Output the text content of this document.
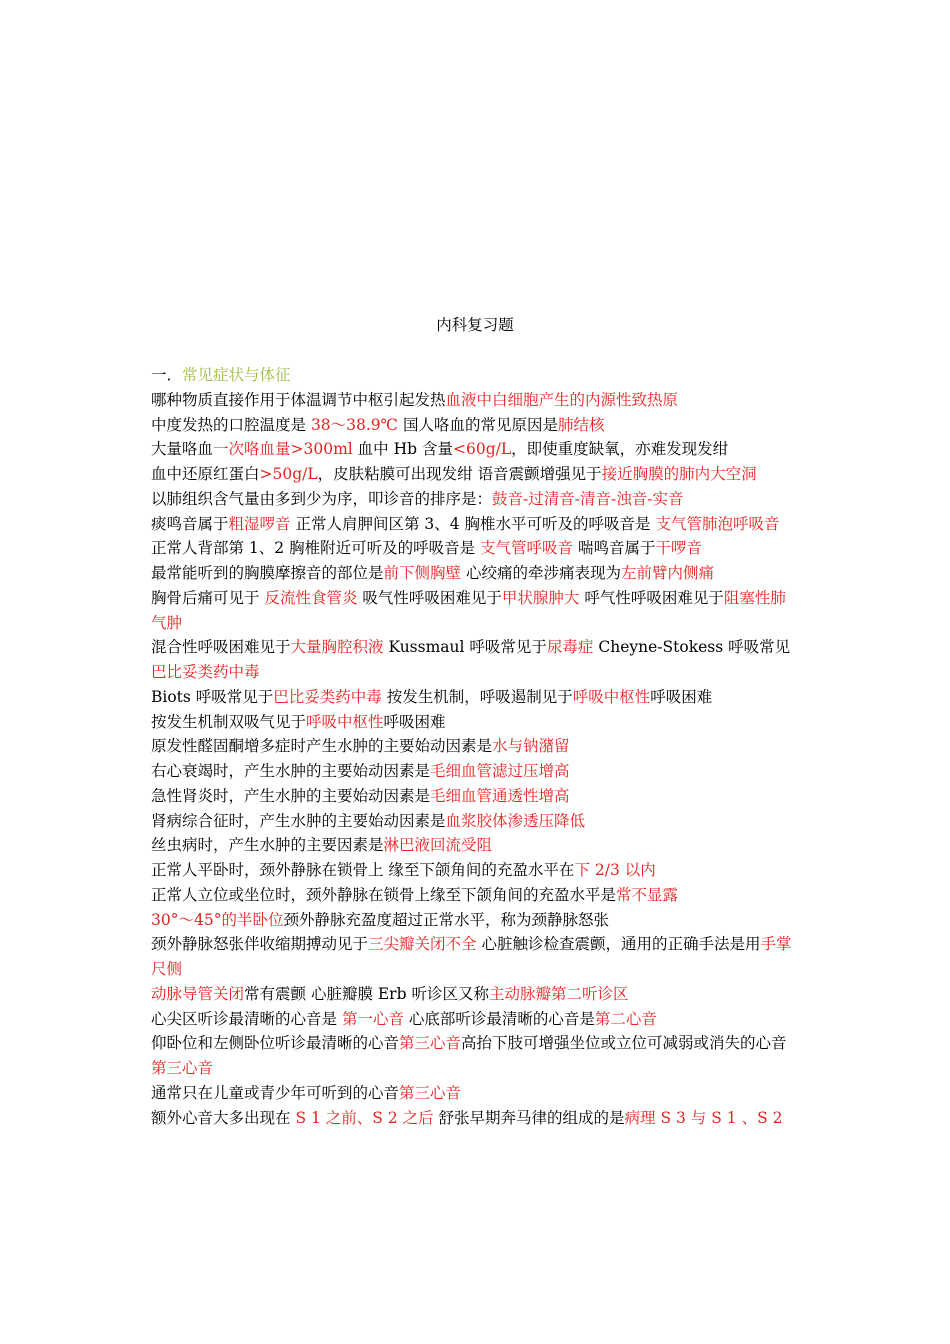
内科复习题

一．常见症状与体征

哪种物质直接作用于体温调节中枢引起发热血液中白细胞产生的内源性致热原

中度发热的口腔温度是 38～38.9℃ 国人咯血的常见原因是肺结核

大量咯血一次咯血量>300ml 血中 Hb 含量<60g/L，即使重度缺氧，亦难发现发绀

血中还原红蛋白>50g/L，皮肤粘膜可出现发绀 语音震颤增强见于接近胸膜的肺内大空洞

以肺组织含气量由多到少为序，叩诊音的排序是：鼓音-过清音-清音-浊音-实音

痰鸣音属于粗湿啰音 正常人肩胛间区第 3、4 胸椎水平可听及的呼吸音是 支气管肺泡呼吸音

正常人背部第 1、2 胸椎附近可听及的呼吸音是 支气管呼吸音 喘鸣音属于干啰音

最常能听到的胸膜摩擦音的部位是前下侧胸壁 心绞痛的牵涉痛表现为左前臂内侧痛

胸骨后痛可见于 反流性食管炎 吸气性呼吸困难见于甲状腺肿大 呼气性呼吸困难见于阻塞性肺气肿

混合性呼吸困难见于大量胸腔积液 Kussmaul 呼吸常见于尿毒症 Cheyne-Stokess 呼吸常见巴比妥类药中毒

Biots 呼吸常见于巴比妥类药中毒 按发生机制，呼吸遏制见于呼吸中枢性呼吸困难

按发生机制双吸气见于呼吸中枢性呼吸困难

原发性醛固酮增多症时产生水肿的主要始动因素是水与钠潴留

右心衰竭时，产生水肿的主要始动因素是毛细血管滤过压增高

急性肾炎时，产生水肿的主要始动因素是毛细血管通透性增高

肾病综合征时，产生水肿的主要始动因素是血浆胶体渗透压降低

丝虫病时，产生水肿的主要因素是淋巴液回流受阻

正常人平卧时，颈外静脉在锁骨上 缘至下颌角间的充盈水平在下 2/3 以内

正常人立位或坐位时，颈外静脉在锁骨上缘至下颌角间的充盈水平是常不显露

30°～45°的半卧位颈外静脉充盈度超过正常水平，称为颈静脉怒张

颈外静脉怒张伴收缩期搏动见于三尖瓣关闭不全 心脏触诊检查震颤，通用的正确手法是用手掌尺侧

动脉导管关闭常有震颤 心脏瓣膜 Erb 听诊区又称主动脉瓣第二听诊区

心尖区听诊最清晰的心音是 第一心音 心底部听诊最清晰的心音是第二心音

仰卧位和左侧卧位听诊最清晰的心音第三心音高抬下肢可增强坐位或立位可减弱或消失的心音第三心音

通常只在儿童或青少年可听到的心音第三心音

额外心音大多出现在 S 1 之前、S 2 之后 舒张早期奔马律的组成的是病理 S 3 与 S 1 、S 2
